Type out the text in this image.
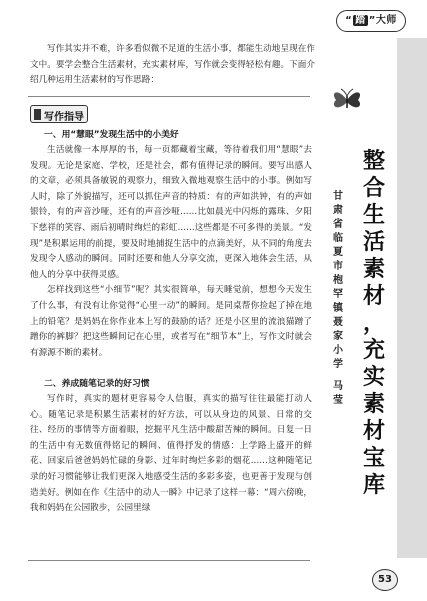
“ 踏 ”大师

写作其实并不难，许多看似微不足道的生活小事，都能生动地呈现在作文中。要学会整合生活素材，充实素材库，写作就会变得轻松有趣。下面介绍几种运用生活素材的写作思路：

写作指导

一、用“慧眼”发现生活中的小美好

生活就像一本厚厚的书，每一页都藏着宝藏，等待着我们用“慧眼”去发现。无论是家庭、学校，还是社会，都有值得记录的瞬间。要写出感人的文章，必须具备敏锐的观察力，细致入微地观察生活中的小事。例如写人时，除了外貌描写，还可以抓住声音的特质：有的声如洪钟，有的声如银铃，有的声音沙哑，还有的声音沙哑……比如晨光中闪烁的露珠、夕阳下慈祥的笑容、雨后初晴时绚烂的彩虹……这些都是不可多得的美景。“发现”是积累运用的前提，要及时地捕捉生活中的点滴美好，从不同的角度去发现令人感动的瞬间。同时还要和他人分享交流，更深入地体会生活，从他人的分享中获得灵感。

怎样找到这些“小细节”呢？其实很简单，每天睡觉前，想想今天发生了什么事，有没有让你觉得“心里一动”的瞬间。是同桌帮你捡起了掉在地上的铅笔？是妈妈在你作业本上写的鼓励的话？还是小区里的流浪猫蹭了蹭你的裤脚？把这些瞬间记在心里，或者写在“细节本”上，写作文时就会有源源不断的素材。

二、养成随笔记录的好习惯

写作时，真实的题材更容易令人信服，真实的描写往往最能打动人心。随笔记录是积累生活素材的好方法，可以从身边的风景、日常的交往、经历的事情等方面着眼，挖掘平凡生活中酸甜苦辣的瞬间。日复一日的生活中有无数值得铭记的瞬间、值得抒发的情感：上学路上盛开的鲜花、回家后爸爸妈妈忙碌的身影、过年时绚烂多彩的烟花……这种随笔记录的好习惯能够让我们更深入地感受生活的多彩多姿，也更善于发现与创造美好。例如在作《生活中的动人一瞬》中记录了这样一幕：“周六傍晚，我和妈妈在公园散步，公园里绿

整
合
生
活
素
材
，
充
实
素
材
宝
库
甘
肃
省
临
夏
市
枹
罕
镇
聂
家
小
学
马
莹
53
